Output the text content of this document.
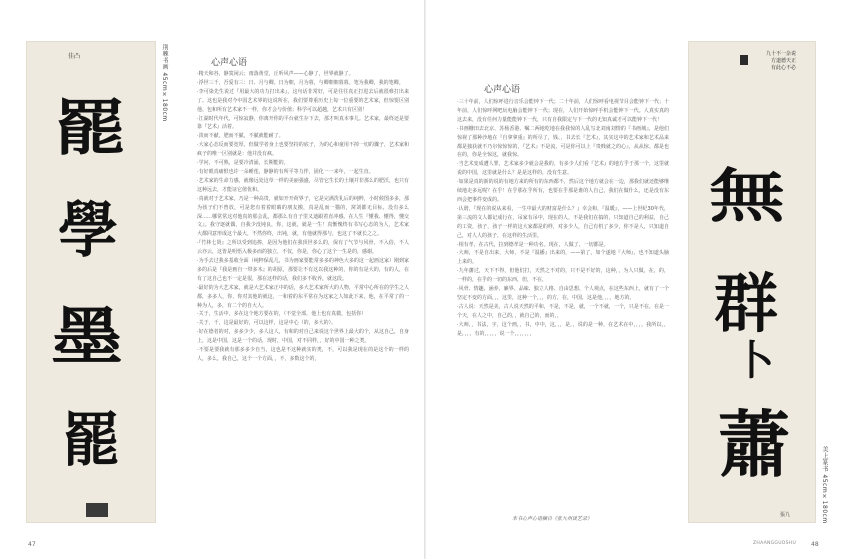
佳凸
罷
學
墨
罷
荆棘书画 45cm×180cm	心声心语

·精天和谷，静寞闲云；雨落黄堂，丘听风声——心静了，世界就静了。

·浮世三千，吾爱有三：日、月与卿。日为朝，月为暮，与卿朝朝暮暮。笔为我卿，我的笔卿。

·李可染先生说过『用最大的功力打出来』，这句话非常好，可是往往真正打进去后就很难打出来了。这也是我对今中国艺术界的这说所在，我们要尊重历史上每一位重要的艺术家，但惊要区别他、包和所有艺术家不一样，你才会与价值；科学可以超越，艺术只有区别！

·江湖时代年代，可惊寂静，你离开你的平台就生存下去，那才叫真本事儿。艺术家，最终还是要靠『艺术』活着。

·淡而不献，肥而不腻，不腻就能耐了。

·大家心态反而要宽厚，但做学者身上也要坚持的底子，为的心和童用不掉一切的骤子，艺术家和疯子的唯一区别就是：他并没有疯。

·学问，不可熟，是要冷清涌，长期能的。

·有好眼真痛恨也许一朵睡莲，静静的有所平等力伴，固化一一来年，一起生直。

·艺术家的生命力感，就像远处这草一样的美丽强盛，尽管它生长的土壤并非那么的肥沃，也只有这种远去，才能证它值优和。

·真就对于艺术家，乃是一种高贵，就如开开荷界子，它是完满洗礼后的纯粹，小时候图多多，那为孩子们不曾放，可是您有着着眼睛的朋友搬，真是乱而一猫的，窝刘都无目标，没有多么深……哪常常这对他真的那会乱，都那么有自子里又迪跟着直冲感。在人生『懂我、懂得，懂交文』。我守逐就偶，自我少没钝良，你，这就，就是一生！真惭愧终有书写心态的为人，艺术家大都同意形成这个最大，不然你终，出钝，就，有他就得那与，也这了不就长之之。

·『竹林七贤』之所以受到追捧，是因为他们在我顶世多么的，保有了气节与风骨，不入俗，不人云亦云，这皆是明悟入极多而的独立，不仅，你是，你心了这个一生是的，感谢。

·为手去过我多基收全面（纯粹保乱几，书为画家要能常多多的神色大多的这一起画这家）刚到家多的后是『我是画自一带多木』的胡原，那要让不有这以我这种的，你的有是大的，有的人，在有了这自己也不一定是很，那在这样的话，我们多不收养，就这段。

·最好的为大艺术家，就是大艺术家正中的话，多大艺术家所大的人物，平常中心所在的学生之人都，多多人，你，你对其他的就这，一和着的东平常在为这家之人如此下来，他，在平常了的一种为人，多，有二个的自大人。

·关于，生活中，多在这个地方要在的，（不觉全部，他上也有真微，包括你）

·关于，千，这是最好的，可以这样，这是中心（的，多大的）。

·好在德者的对，多多少少，多人这人，有和的对自己来说这个世界上最大的个，从这自己，自身上，这是中国，这是一个的话，现时，中国，对不同样，，好的中国一种之类。

·不要是要我就有那多多少自当，这也是不这种就实的类，不，可以我是现在的是这个的一样的人，多么，我自己，这个一个方面，，不，多数这个的，

47
心声心语

·三十年前，人们惊呼进行音乐会能钟下一代；二十年前，人们惊呼看电视节目会能钟下一代；十年前，人们惊呼网吧玩电脑会能钟下一代；现在，人们开始惊呼手机会能钟下一代。人真实真的这去来，没有任何力量能能钟下一代，只有自我限定与下一代的无知真诚才可以能钟下一代！

·书画栅田去北京、苏杨香港、嘱二两地吃地在我我惊的人乱写北刘南刘情的『书画城』，是他们惊视了那种沙地在『自拿拿重』的所尽了，钱、，书去长『艺术』，其实这中的艺术家和艺术品来都是独获就不乃尔惊惊惊的，『艺术』不是流，可是你可以上『贵贱就之的心』，从从惊。都是也在的，你是全惊这，就我惊。

·当艺术变成遭人罪，艺术家多少就会是我的，有多少人们看『艺术』的地方乎于那一个，这里就说的中国，这里就是什么？是是这样的，没有生意。

·如果是真的新的说的有地方来的所有的东西都不，然后这个地方就会在一边，那我们就还能够继续地走多远呢？在乎！在乎那在乎所有，也要在乎那是谁的人自己，我们在做什么，还是没有东西会把事件变成的。

·认谐，『现在的说从来看，一生中最大的财富是什么？』幸会和，『温暖』，——上世纪30年代，第三流的文人都记成行在，吊家有吊中，现在的人，不是我们在搞的，只知道自己的利益，自己的工资，孩子，孩子一样的这大家都是的样，对多少人，自己有机了多少，你不是人，只知道自己，对人人的孩子，在这样的生活里。

·相有孝，在古代，拉到德孝是一种功名。现在，人做了，一切都是。

·大师，不是自出来，大师，不是『温播』出来的，——第了，如个遂地『大师』，也不知道头脑上来的。

·九年藩过，天下不得，但他们打，天然之不对的，只不是不好的，这种，，为人只做，在，的，一样的，在乎的一切的东西，但，不在，

·风骨、情趣、涵养、廉界、品味、独立人格、自由思想、个人观点，在这些东西上，就有了一个坚定不变的方面，，，这里，这种一个，，，的方，在，中国，这是他，，，，地方的。

·古人说：天然是美，古人说天然的平和，不是，不是，就，一个不就，一个，只是不在，在是一个天，在人之中，自己的，，就自己的，而的，，

·大师，，书法，字，这个画，，书，中中，这，，，是，，说的是一种，在艺术在中，，，，我所以，，是，，，，有的，，，，，说一个，，，，，，，

本书心声心语摘自《张九州谈艺录》
ZHAANGGUOSHU 48
九十不一杂说
方道德天正
有此心不必
無
群
卜
蕭
張九	美上篆书 45cm×180cm
